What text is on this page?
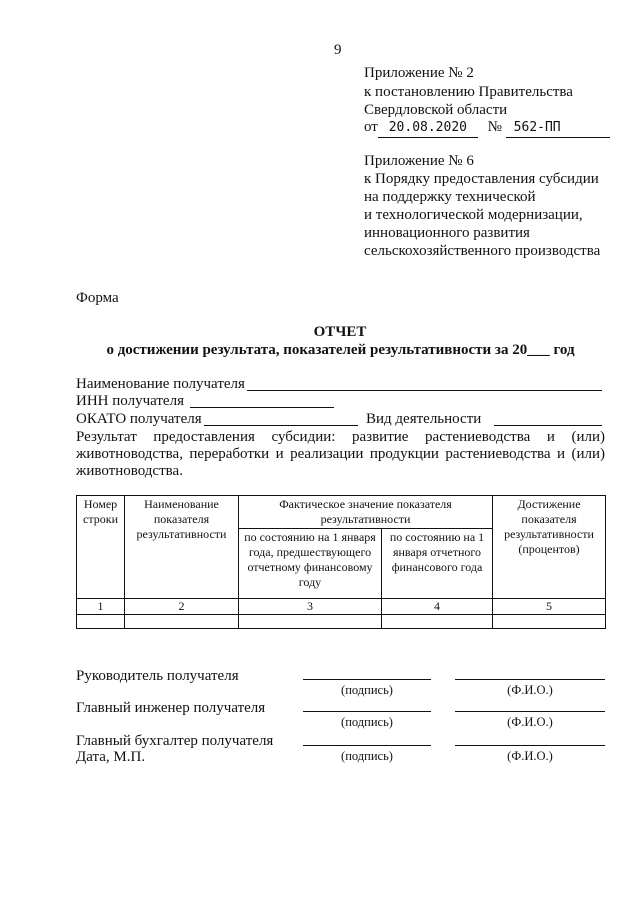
9
Приложение № 2
к постановлению Правительства
Свердловской области
от 20.08.2020 № 562-ПП
Приложение № 6
к Порядку предоставления субсидии
на поддержку технической
и технологической модернизации,
инновационного развития
сельскохозяйственного производства
Форма
ОТЧЕТ
о достижении результата, показателей результативности за 20___ год
Наименование получателя
ИНН получателя
ОКАТО получателя	Вид деятельности
Результат предоставления субсидии: развитие растениеводства и (или)
животноводства, переработки и реализации продукции растениеводства и (или)
животноводства.
Номер строки	Наименование показателя результативности	Фактическое значение показателя результативности		Достижение показателя результативности (процентов)
		по состоянию на 1 января года, предшествующего отчетному финансовому году	по состоянию на 1 января отчетного финансового года	
1	2	3	4	5

Руководитель получателя
(подпись)	(Ф.И.О.)
Главный инженер получателя
(подпись)	(Ф.И.О.)
Главный бухгалтер получателя
Дата, М.П.	(подпись)	(Ф.И.О.)
